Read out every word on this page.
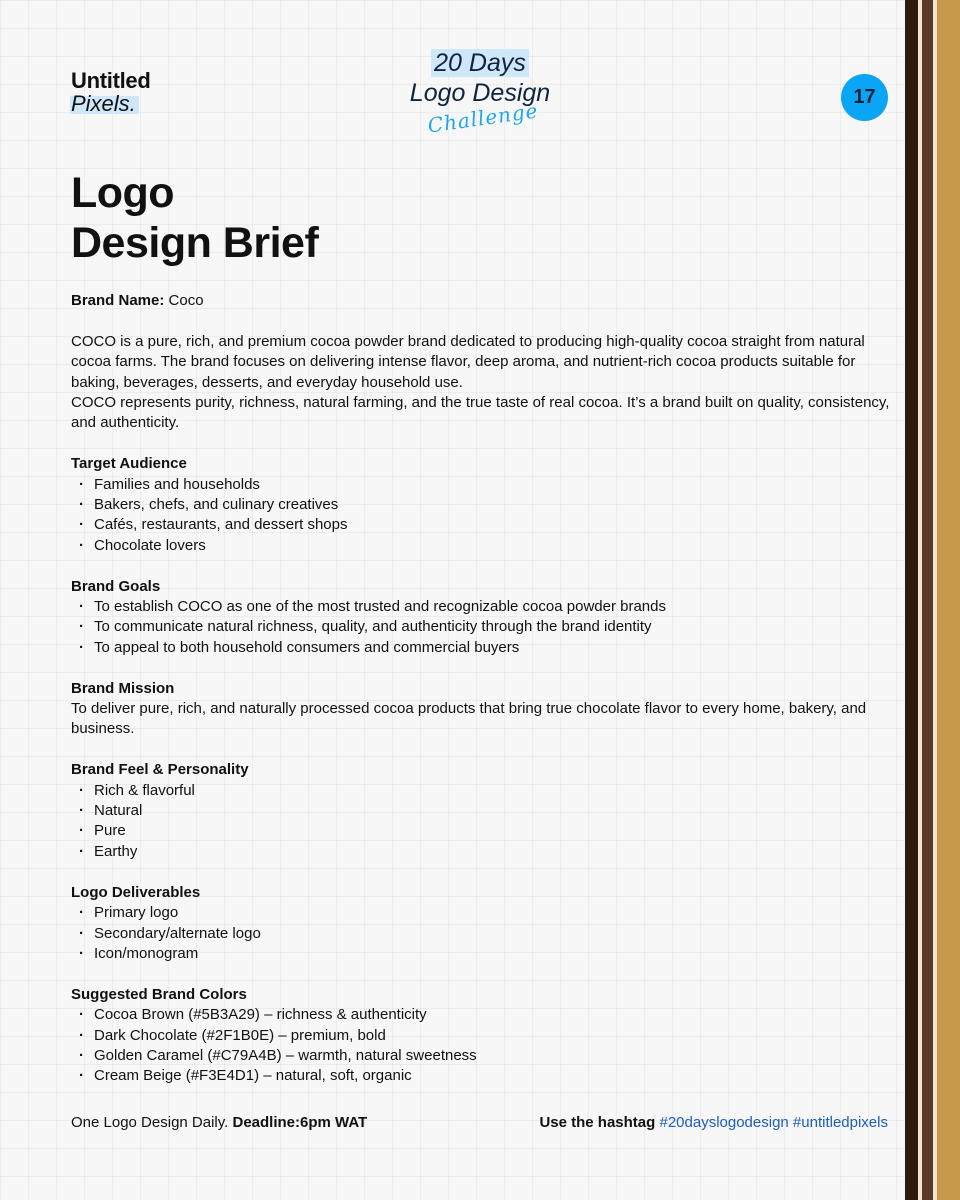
Untitled
Pixels.
20 Days
Logo Design
Challenge
17
Logo
Design Brief

Brand Name: Coco

COCO is a pure, rich, and premium cocoa powder brand dedicated to producing high-quality cocoa straight from natural cocoa farms. The brand focuses on delivering intense flavor, deep aroma, and nutrient-rich cocoa products suitable for baking, beverages, desserts, and everyday household use.

COCO represents purity, richness, natural farming, and the true taste of real cocoa. It’s a brand built on quality, consistency, and authenticity.

Target Audience

· Families and households
· Bakers, chefs, and culinary creatives
· Cafés, restaurants, and dessert shops
· Chocolate lovers

Brand Goals

· To establish COCO as one of the most trusted and recognizable cocoa powder brands
· To communicate natural richness, quality, and authenticity through the brand identity
· To appeal to both household consumers and commercial buyers

Brand Mission

To deliver pure, rich, and naturally processed cocoa products that bring true chocolate flavor to every home, bakery, and business.

Brand Feel & Personality

· Rich & flavorful
· Natural
· Pure
· Earthy

Logo Deliverables

· Primary logo
· Secondary/alternate logo
· Icon/monogram

Suggested Brand Colors

· Cocoa Brown (#5B3A29) – richness & authenticity
· Dark Chocolate (#2F1B0E) – premium, bold
· Golden Caramel (#C79A4B) – warmth, natural sweetness
· Cream Beige (#F3E4D1) – natural, soft, organic
One Logo Design Daily. Deadline:6pm WAT	Use the hashtag #20dayslogodesign #untitledpixels
